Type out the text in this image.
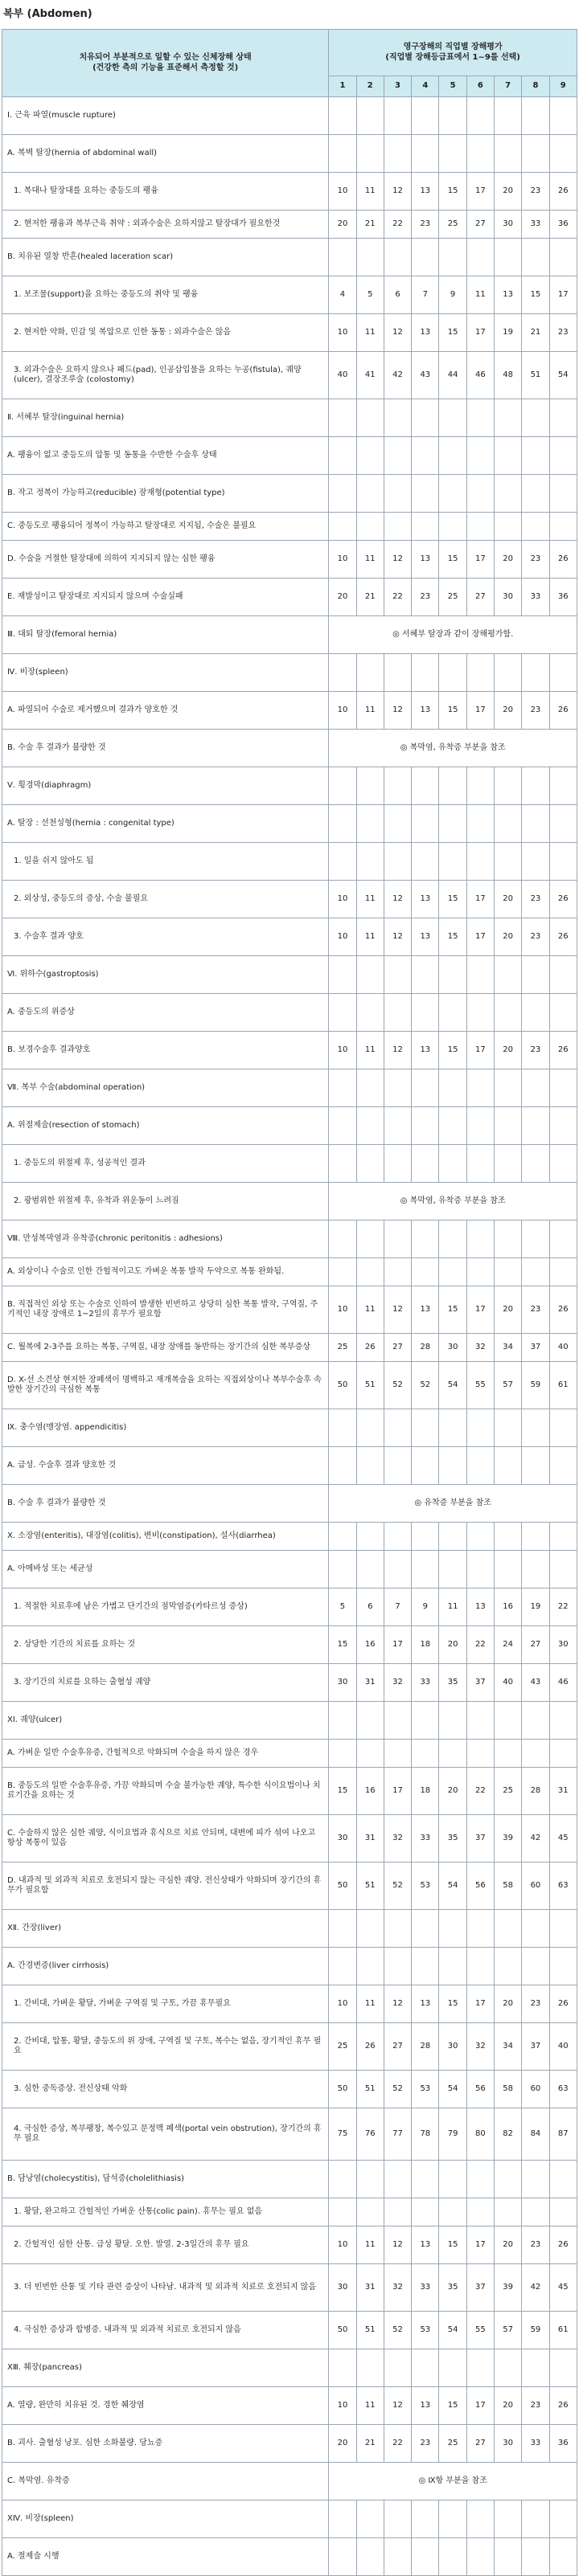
복부 (Abdomen)
치유되어 부분적으로 일할 수 있는 신체장해 상태
(건강한 측의 기능을 표준해서 측정할 것)	영구장해의 직업별 장해평가
(직업별 장해등급표에서 1~9를 선택)								
	1	2	3	4	5	6	7	8	9
Ⅰ. 근육 파열(muscle rupture)									
A. 복벽 탈장(hernia of abdominal wall)									
1. 복대나 탈장대를 요하는 중등도의 팽융	10	11	12	13	15	17	20	23	26
2. 현저한 팽융과 복부근육 취약 : 외과수술은 요하지않고 탈장대가 필요한것	20	21	22	23	25	27	30	33	36
B. 치유된 열창 반흔(healed laceration scar)									
1. 보조물(support)을 요하는 중등도의 취약 및 팽융	4	5	6	7	9	11	13	15	17
2. 현저한 약화, 민감 및 복압으로 인한 동통 : 외과수술은 않음	10	11	12	13	15	17	19	21	23
3. 외과수술은 요하지 않으나 패드(pad), 인공삽입물을 요하는 누공(fistula), 궤양(ulcer), 결장조루술 (colostomy)	40	41	42	43	44	46	48	51	54
Ⅱ. 서혜부 탈장(inguinal hernia)									
A. 팽융이 없고 중등도의 압통 및 동통을 수반한 수술후 상태									
B. 작고 정복이 가능하고(reducible) 잠재형(potential type)									
C. 중등도로 팽융되어 정복이 가능하고 탈장대로 지지됨, 수술은 불필요									
D. 수술을 거절한 탈장대에 의하여 지지되지 않는 심한 팽융	10	11	12	13	15	17	20	23	26
E. 재발성이고 탈장대로 지지되지 않으며 수술실패	20	21	22	23	25	27	30	33	36
Ⅲ. 대퇴 탈장(femoral hernia)	◎ 서혜부 탈장과 같이 장해평가함.								
Ⅳ. 비장(spleen)									
A. 파열되어 수술로 제거했으며 결과가 양호한 것	10	11	12	13	15	17	20	23	26
B. 수술 후 결과가 불량한 것	◎ 복막염, 유착증 부분을 참조								
Ⅴ. 횡경막(diaphragm)									
A. 탈장 : 선천성형(hernia : congenital type)									
1. 일을 쉬지 않아도 됨									
2. 외상성, 중등도의 증상, 수술 불필요	10	11	12	13	15	17	20	23	26
3. 수술후 결과 양호	10	11	12	13	15	17	20	23	26
Ⅵ. 위하수(gastroptosis)									
A. 중등도의 위증상									
B. 보경수술후 결과양호	10	11	12	13	15	17	20	23	26
Ⅶ. 복부 수술(abdominal operation)									
A. 위절제술(resection of stomach)									
1. 중등도의 위절제 후, 성공적인 결과									
2. 광범위한 위절제 후, 유착과 위운동이 느려짐	◎ 복막염, 유착증 부분을 참조								
Ⅷ. 만성복막염과 유착증(chronic peritonitis : adhesions)									
A. 외상이나 수술로 인한 간헐적이고도 가벼운 복통 발작 두약으로 복통 완화됨.									
B. 직접적인 외상 또는 수술로 인하여 발생한 빈번하고 상당히 심한 복통 발작, 구역질, 주기적인 내장 장애로 1~2일의 휴무가 필요함	10	11	12	13	15	17	20	23	26
C. 월복에 2-3주를 요하는 복통, 구역질, 내장 장애를 동반하는 장기간의 심한 복부증상	25	26	27	28	30	32	34	37	40
D. X-선 소견상 현저한 장폐색이 명백하고 재개복술을 요하는 직접외상이나 복부수술후 속발한 장기간의 극심한 복통	50	51	52	52	54	55	57	59	61
Ⅸ. 충수염(맹장염. appendicitis)									
A. 급성. 수술후 결과 양호한 것									
B. 수술 후 결과가 불량한 것	◎ 유착증 부분을 참조								
Ⅹ. 소장염(enteritis), 대장염(colitis), 변비(constipation), 설사(diarrhea)									
A. 아메바성 또는 세균성									
1. 적절한 치료후에 남은 가볍고 단기간의 점막염증(카타르성 증상)	5	6	7	9	11	13	16	19	22
2. 상당한 기간의 치료를 요하는 것	15	16	17	18	20	22	24	27	30
3. 장기간의 치료를 요하는 출혈성 궤양	30	31	32	33	35	37	40	43	46
ⅩⅠ. 궤양(ulcer)									
A. 가벼운 일반 수술후유증, 간헐적으로 악화되며 수술을 하지 않은 경우									
B. 중등도의 일반 수술후유증, 가끔 악화되며 수술 불가능한 궤양, 특수한 식이요법이나 치료기간을 요하는 것	15	16	17	18	20	22	25	28	31
C. 수술하지 않은 심한 궤양, 식이요법과 휴식으로 치료 안되며, 대변에 피가 섞여 나오고 항상 복통이 있음	30	31	32	33	35	37	39	42	45
D. 내과적 및 외과적 치료로 호전되지 않는 극심한 궤양. 전신상태가 악화되며 장기간의 휴무가 필요함	50	51	52	53	54	56	58	60	63
ⅩⅡ. 간장(liver)									
A. 간경변증(liver cirrhosis)									
1. 간비대, 가벼운 황달, 가벼운 구역질 및 구토, 가끔 휴무필요	10	11	12	13	15	17	20	23	26
2. 간비대, 압통, 황달, 중등도의 위 장애, 구역질 및 구토, 복수는 없음, 장기적인 휴무 필요	25	26	27	28	30	32	34	37	40
3. 심한 중독증상. 전신상태 악화	50	51	52	53	54	56	58	60	63
4. 극심한 증상, 복부팽창, 복수있고 문정맥 폐색(portal vein obstrution), 장기간의 휴무 필요	75	76	77	78	79	80	82	84	87
B. 담낭염(cholecystitis), 담석증(cholelithiasis)									
1. 황달, 완고하고 간헐적인 가벼운 산통(colic pain). 휴무는 필요 없음									
2. 간헐적인 심한 산통. 급성 황달. 오한. 발열. 2-3일간의 휴무 필요	10	11	12	13	15	17	20	23	26
3. 더 빈번한 산통 및 기타 관련 증상이 나타남. 내과적 및 외과적 치료로 호전되지 않음	30	31	32	33	35	37	39	42	45
4. 극심한 증상과 합병증. 내과적 및 외과적 치료로 호전되지 않음	50	51	52	53	54	55	57	59	61
ⅩⅢ. 췌장(pancreas)									
A. 열량, 완만히 치유된 것. 경한 췌장염	10	11	12	13	15	17	20	23	26
B. 괴사. 출혈성 낭포. 심한 소화불량. 당뇨증	20	21	22	23	25	27	30	33	36
C. 복막염. 유착증	◎ Ⅸ항 부분을 참조								
ⅩⅣ. 비장(spleen)									
A. 절제술 시행									
